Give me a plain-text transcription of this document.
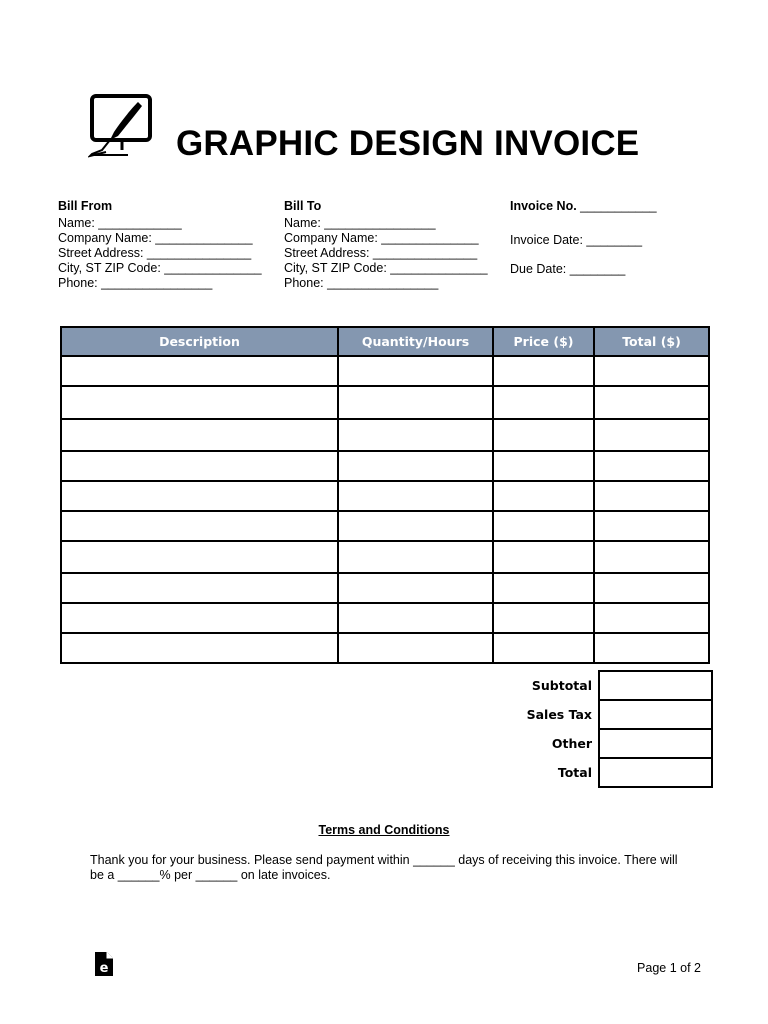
GRAPHIC DESIGN INVOICE
Bill From
Name: ____________
Company Name: ______________
Street Address: _______________
City, ST ZIP Code: ______________
Phone: ________________
Bill To
Name: ________________
Company Name: ______________
Street Address: _______________
City, ST ZIP Code: ______________
Phone: ________________
Invoice No. ___________
Invoice Date: ________
Due Date: ________
Description	Quantity/Hours	Price ($)	Total ($)

Subtotal	
Sales Tax	
Other	
Total	
Terms and Conditions
Thank you for your business. Please send payment within ______ days of receiving this invoice. There will be a ______% per ______ on late invoices.
e	Page 1 of 2
